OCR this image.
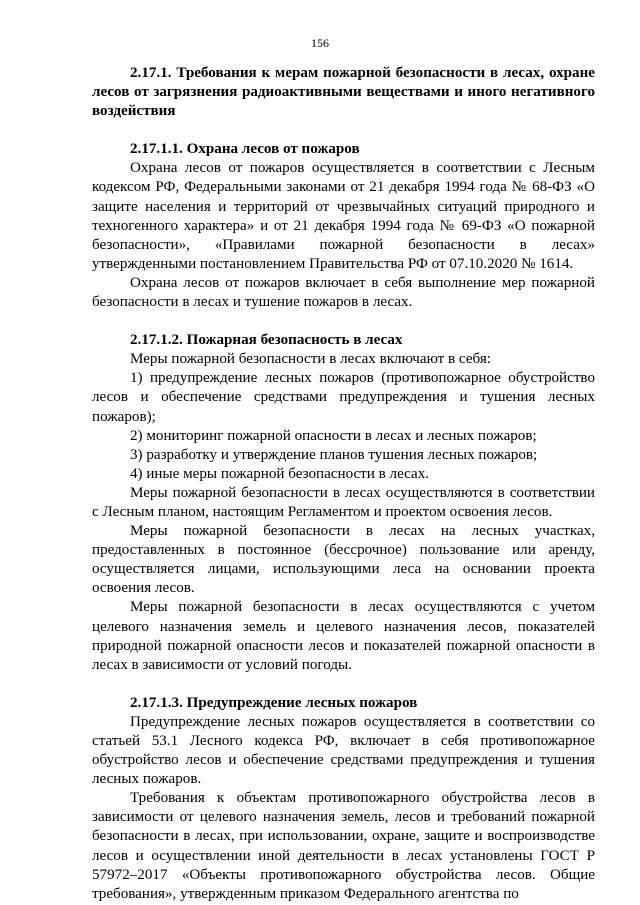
156

2.17.1. Требования к мерам пожарной безопасности в лесах, охране лесов от загрязнения радиоактивными веществами и иного негативного воздействия

2.17.1.1. Охрана лесов от пожаров

Охрана лесов от пожаров осуществляется в соответствии с Лесным кодексом РФ, Федеральными законами от 21 декабря 1994 года № 68-ФЗ «О защите населения и территорий от чрезвычайных ситуаций природного и техногенного характера» и от 21 декабря 1994 года № 69-ФЗ «О пожарной безопасности», «Правилами пожарной безопасности в лесах» утвержденными постановлением Правительства РФ от 07.10.2020 № 1614.

Охрана лесов от пожаров включает в себя выполнение мер пожарной безопасности в лесах и тушение пожаров в лесах.

2.17.1.2. Пожарная безопасность в лесах

Меры пожарной безопасности в лесах включают в себя:

1) предупреждение лесных пожаров (противопожарное обустройство лесов и обеспечение средствами предупреждения и тушения лесных пожаров);

2) мониторинг пожарной опасности в лесах и лесных пожаров;

3) разработку и утверждение планов тушения лесных пожаров;

4) иные меры пожарной безопасности в лесах.

Меры пожарной безопасности в лесах осуществляются в соответствии с Лесным планом, настоящим Регламентом и проектом освоения лесов.

Меры пожарной безопасности в лесах на лесных участках, предоставленных в постоянное (бессрочное) пользование или аренду, осуществляется лицами, использующими леса на основании проекта освоения лесов.

Меры пожарной безопасности в лесах осуществляются с учетом целевого назначения земель и целевого назначения лесов, показателей природной пожарной опасности лесов и показателей пожарной опасности в лесах в зависимости от условий погоды.

2.17.1.3. Предупреждение лесных пожаров

Предупреждение лесных пожаров осуществляется в соответствии со статьей 53.1 Лесного кодекса РФ, включает в себя противопожарное обустройство лесов и обеспечение средствами предупреждения и тушения лесных пожаров.

Требования к объектам противопожарного обустройства лесов в зависимости от целевого назначения земель, лесов и требований пожарной безопасности в лесах, при использовании, охране, защите и воспроизводстве лесов и осуществлении иной деятельности в лесах установлены ГОСТ Р 57972–2017 «Объекты противопожарного обустройства лесов. Общие требования», утвержденным приказом Федерального агентства по
